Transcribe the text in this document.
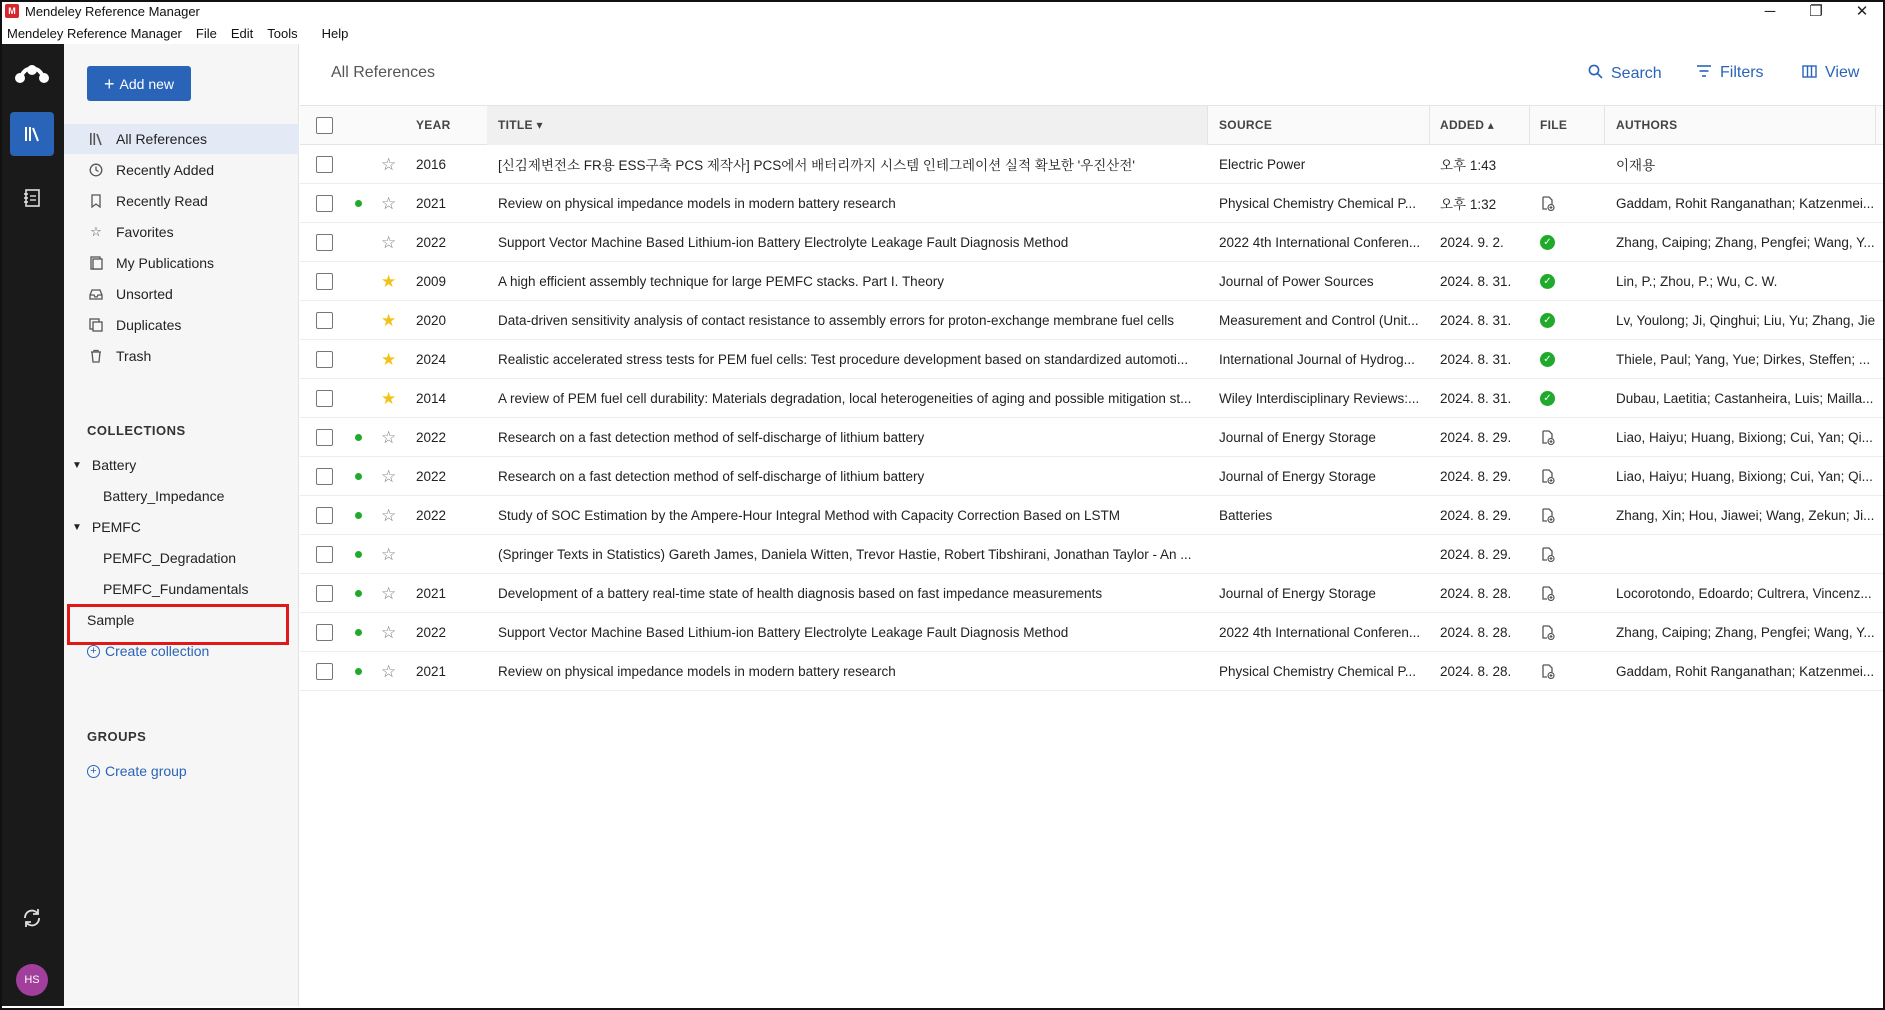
M Mendeley Reference Manager	─	❐	✕
Mendeley Reference Manager	File	Edit	Tools	Help
HS
+ Add new
All References
Recently Added
Recently Read
☆ Favorites
My Publications
Unsorted
Duplicates
Trash
COLLECTIONS
▼ Battery
Battery_Impedance
▼ PEMFC
PEMFC_Degradation
PEMFC_Fundamentals
Sample
+ Create collection
GROUPS
+ Create group
All References	Search	Filters	View
YEAR	TITLE ▾	SOURCE	ADDED ▴	FILE	AUTHORS
☆ 2016	[신김제변전소 FR용 ESS구축 PCS 제작사] PCS에서 배터리까지 시스템 인테그레이션 실적 확보한 '우진산전'	Electric Power	오후 1:43	이재용
☆ 2021	Review on physical impedance models in modern battery research	Physical Chemistry Chemical P...	오후 1:32	Gaddam, Rohit Ranganathan; Katzenmei...
☆ 2022	Support Vector Machine Based Lithium-ion Battery Electrolyte Leakage Fault Diagnosis Method	2022 4th International Conferen...	2024. 9. 2.	✓	Zhang, Caiping; Zhang, Pengfei; Wang, Y...
★ 2009	A high efficient assembly technique for large PEMFC stacks. Part I. Theory	Journal of Power Sources	2024. 8. 31.	✓	Lin, P.; Zhou, P.; Wu, C. W.
★ 2020	Data-driven sensitivity analysis of contact resistance to assembly errors for proton-exchange membrane fuel cells	Measurement and Control (Unit...	2024. 8. 31.	✓	Lv, Youlong; Ji, Qinghui; Liu, Yu; Zhang, Jie
★ 2024	Realistic accelerated stress tests for PEM fuel cells: Test procedure development based on standardized automoti...	International Journal of Hydrog...	2024. 8. 31.	✓	Thiele, Paul; Yang, Yue; Dirkes, Steffen; ...
★ 2014	A review of PEM fuel cell durability: Materials degradation, local heterogeneities of aging and possible mitigation st...	Wiley Interdisciplinary Reviews:...	2024. 8. 31.	✓	Dubau, Laetitia; Castanheira, Luis; Mailla...
☆ 2022	Research on a fast detection method of self-discharge of lithium battery	Journal of Energy Storage	2024. 8. 29.	Liao, Haiyu; Huang, Bixiong; Cui, Yan; Qi...
☆ 2022	Research on a fast detection method of self-discharge of lithium battery	Journal of Energy Storage	2024. 8. 29.	Liao, Haiyu; Huang, Bixiong; Cui, Yan; Qi...
☆ 2022	Study of SOC Estimation by the Ampere-Hour Integral Method with Capacity Correction Based on LSTM	Batteries	2024. 8. 29.	Zhang, Xin; Hou, Jiawei; Wang, Zekun; Ji...
☆	(Springer Texts in Statistics) Gareth James, Daniela Witten, Trevor Hastie, Robert Tibshirani, Jonathan Taylor - An ...	2024. 8. 29.
☆ 2021	Development of a battery real-time state of health diagnosis based on fast impedance measurements	Journal of Energy Storage	2024. 8. 28.	Locorotondo, Edoardo; Cultrera, Vincenz...
☆ 2022	Support Vector Machine Based Lithium-ion Battery Electrolyte Leakage Fault Diagnosis Method	2022 4th International Conferen...	2024. 8. 28.	Zhang, Caiping; Zhang, Pengfei; Wang, Y...
☆ 2021	Review on physical impedance models in modern battery research	Physical Chemistry Chemical P...	2024. 8. 28.	Gaddam, Rohit Ranganathan; Katzenmei...
